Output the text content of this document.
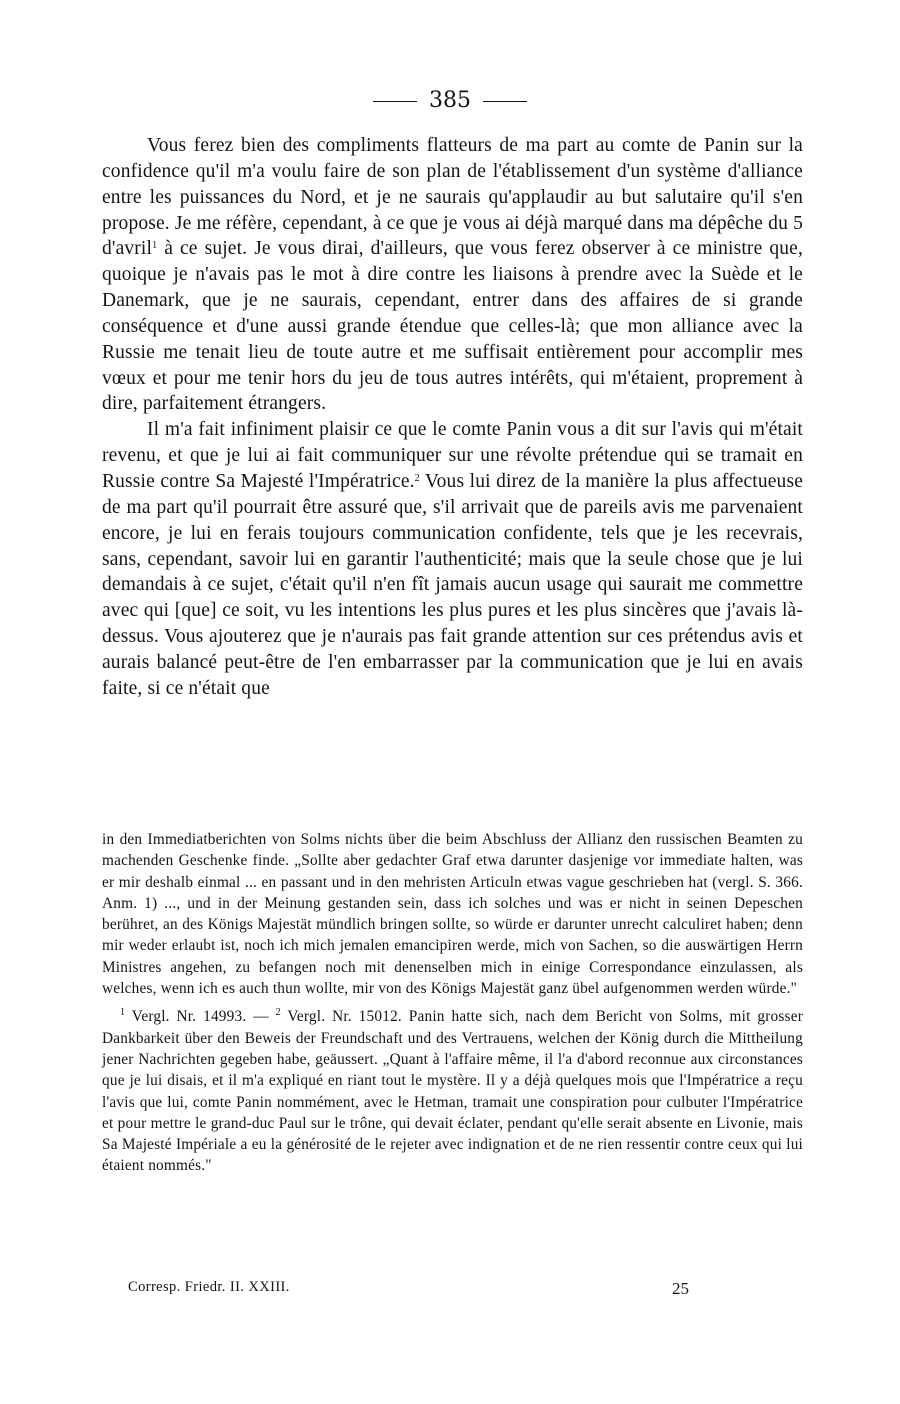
385

Vous ferez bien des compliments flatteurs de ma part au comte de Panin sur la confidence qu'il m'a voulu faire de son plan de l'établissement d'un système d'alliance entre les puissances du Nord, et je ne saurais qu'applaudir au but salutaire qu'il s'en propose. Je me réfère, cependant, à ce que je vous ai déjà marqué dans ma dépêche du 5 d'avril$^1$ à ce sujet. Je vous dirai, d'ailleurs, que vous ferez observer à ce ministre que, quoique je n'avais pas le mot à dire contre les liaisons à prendre avec la Suède et le Danemark, que je ne saurais, cependant, entrer dans des affaires de si grande conséquence et d'une aussi grande étendue que celles-là; que mon alliance avec la Russie me tenait lieu de toute autre et me suffisait entièrement pour accomplir mes vœux et pour me tenir hors du jeu de tous autres intérêts, qui m'étaient, proprement à dire, parfaitement étrangers.

Il m'a fait infiniment plaisir ce que le comte Panin vous a dit sur l'avis qui m'était revenu, et que je lui ai fait communiquer sur une révolte prétendue qui se tramait en Russie contre Sa Majesté l'Impératrice.$^2$ Vous lui direz de la manière la plus affectueuse de ma part qu'il pourrait être assuré que, s'il arrivait que de pareils avis me parvenaient encore, je lui en ferais toujours communication confidente, tels que je les recevrais, sans, cependant, savoir lui en garantir l'authenticité; mais que la seule chose que je lui demandais à ce sujet, c'était qu'il n'en fît jamais aucun usage qui saurait me commettre avec qui [que] ce soit, vu les intentions les plus pures et les plus sincères que j'avais là-dessus. Vous ajouterez que je n'aurais pas fait grande attention sur ces prétendus avis et aurais balancé peut-être de l'en embarrasser par la communication que je lui en avais faite, si ce n'était que

in den Immediatberichten von Solms nichts über die beim Abschluss der Allianz den russischen Beamten zu machenden Geschenke finde. „Sollte aber gedachter Graf etwa darunter dasjenige vor immediate halten, was er mir deshalb einmal ... en passant und in den mehristen Articuln etwas vague geschrieben hat (vergl. S. 366. Anm. 1) ..., und in der Meinung gestanden sein, dass ich solches und was er nicht in seinen Depeschen berühret, an des Königs Majestät mündlich bringen sollte, so würde er darunter unrecht calculiret haben; denn mir weder erlaubt ist, noch ich mich jemalen emancipiren werde, mich von Sachen, so die auswärtigen Herrn Ministres angehen, zu befangen noch mit denenselben mich in einige Correspondance einzulassen, als welches, wenn ich es auch thun wollte, mir von des Königs Majestät ganz übel aufgenommen werden würde."

$^1$ Vergl. Nr. 14993. — $^2$ Vergl. Nr. 15012. Panin hatte sich, nach dem Bericht von Solms, mit grosser Dankbarkeit über den Beweis der Freundschaft und des Vertrauens, welchen der König durch die Mittheilung jener Nachrichten gegeben habe, geäussert. „Quant à l'affaire même, il l'a d'abord reconnue aux circonstances que je lui disais, et il m'a expliqué en riant tout le mystère. Il y a déjà quelques mois que l'Impératrice a reçu l'avis que lui, comte Panin nommément, avec le Hetman, tramait une conspiration pour culbuter l'Impératrice et pour mettre le grand-duc Paul sur le trône, qui devait éclater, pendant qu'elle serait absente en Livonie, mais Sa Majesté Impériale a eu la générosité de le rejeter avec indignation et de ne rien ressentir contre ceux qui lui étaient nommés."

Corresp. Friedr. II. XXIII.	25
